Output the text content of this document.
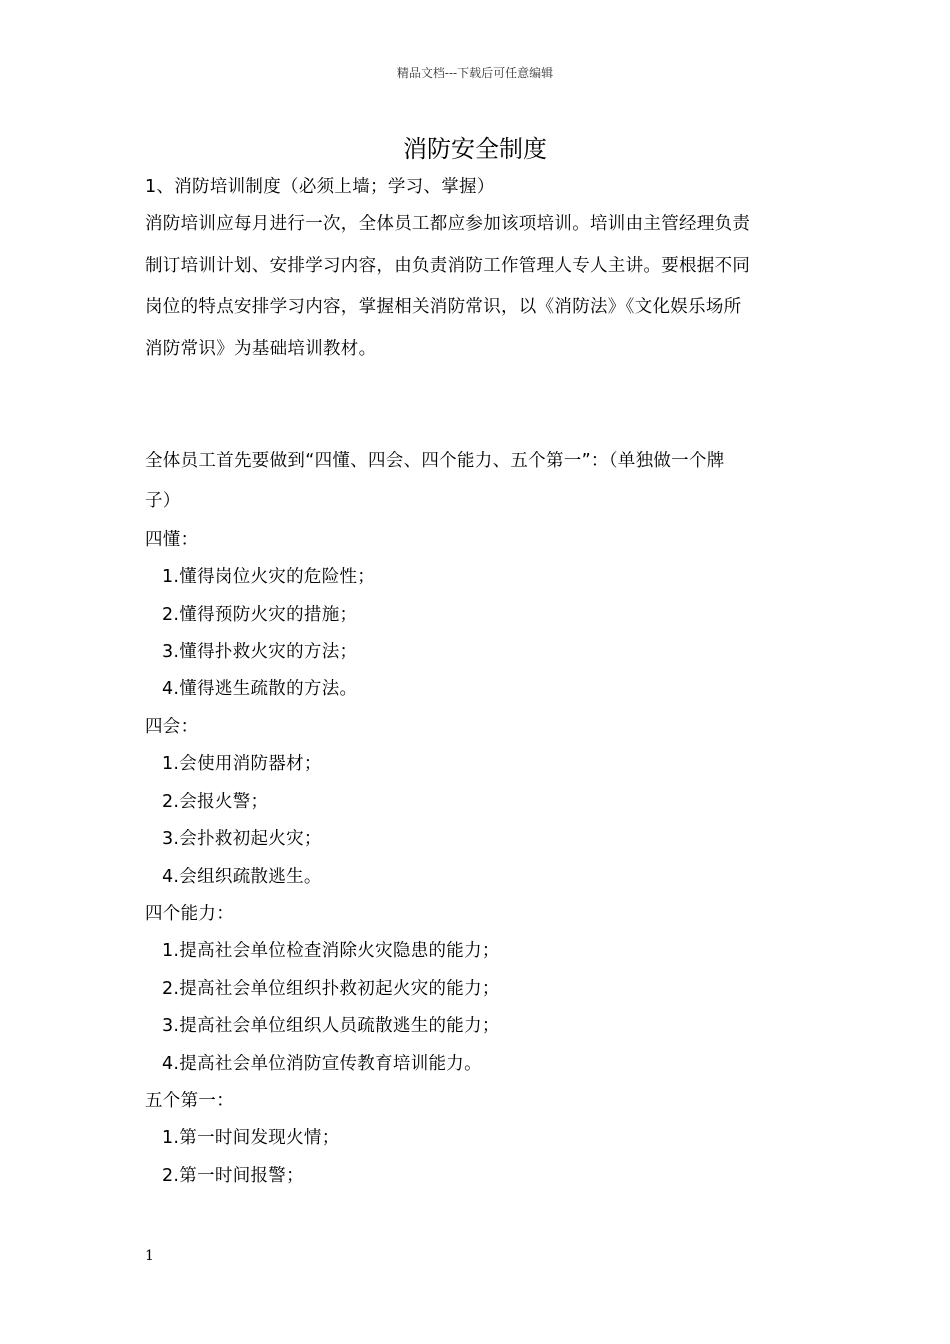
精品文档---下载后可任意编辑
消防安全制度
1、消防培训制度（必须上墙；学习、掌握）
消防培训应每月进行一次，全体员工都应参加该项培训。培训由主管经理负责
制订培训计划、安排学习内容，由负责消防工作管理人专人主讲。要根据不同
岗位的特点安排学习内容，掌握相关消防常识，以《消防法》《文化娱乐场所
消防常识》为基础培训教材。
全体员工首先要做到“四懂、四会、四个能力、五个第一”：（单独做一个牌
子）
四懂：
1.懂得岗位火灾的危险性；
2.懂得预防火灾的措施；
3.懂得扑救火灾的方法；
4.懂得逃生疏散的方法。
四会：
1.会使用消防器材；
2.会报火警；
3.会扑救初起火灾；
4.会组织疏散逃生。
四个能力：
1.提高社会单位检查消除火灾隐患的能力；
2.提高社会单位组织扑救初起火灾的能力；
3.提高社会单位组织人员疏散逃生的能力；
4.提高社会单位消防宣传教育培训能力。
五个第一：
1.第一时间发现火情；
2.第一时间报警；
1
